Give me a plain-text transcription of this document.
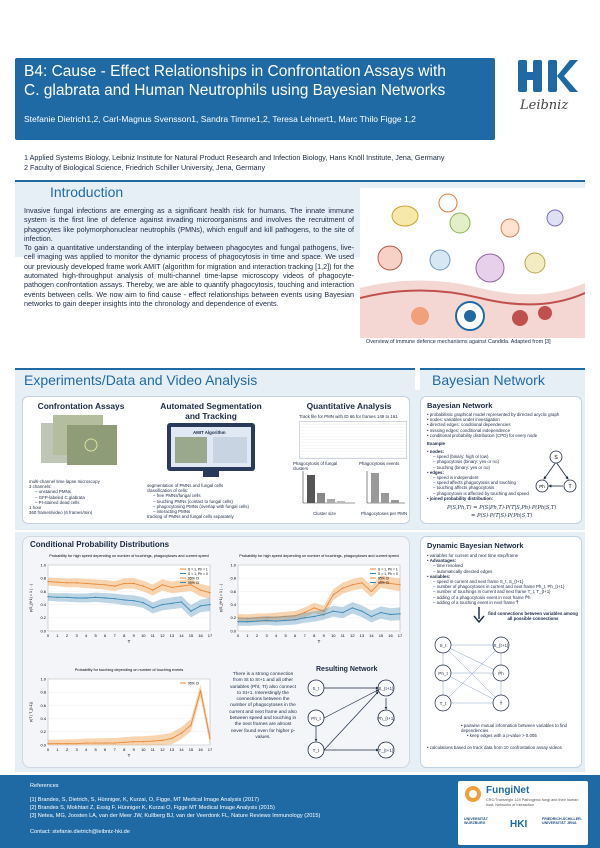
B4: Cause - Effect Relationships in Confrontation Assays with
C. glabrata and Human Neutrophils using Bayesian Networks
Stefanie Dietrich1,2, Carl-Magnus Svensson1, Sandra Timme1,2, Teresa Lehnert1, Marc Thilo Figge 1,2
Leibniz
1 Applied Systems Biology, Leibniz Institute for Natural Product Research and Infection Biology, Hans Knöll Institute, Jena, Germany
2 Faculty of Biological Science, Friedrich Schiller University, Jena, Germany
Introduction

Invasive fungal infections are emerging as a significant health risk for humans. The innate immune system is the first line of defence against invading microorganisms and involves the recruitment of phagocytes like polymorphonuclear neutrophils (PMNs), which engulf and kill pathogens, to the site of infection.

To gain a quantitative understanding of the interplay between phagocytes and fungal pathogens, live-cell imaging was applied to monitor the dynamic process of phagocytosis in time and space. We used our previously developed frame work AMIT (algorithm for migration and interaction tracking [1,2]) for the automated high-throughput analysis of multi-channel time-lapse microscopy videos of phagocyte-pathogen confrontation assays. Thereby, we are able to quantify phagocytosis, touching and interaction events between cells. We now aim to find cause - effect relationships between events using Bayesian networks to gain deeper insights into the chronology and dependence of events.

Overview of immune defence mechanisms against Candida. Adapted from [3]
Experiments/Data and Video Analysis	Bayesian Network
Confrontation Assays
multi-channel time lapse microscopy
3 channels:
– unstained PMNs
– GFP-labeled C.glabrata
– PI-stained dead cells
1 hour
360 frames/video (6 frames/min)
Automated Segmentation
and Tracking
AMIT Algorithm
segmentation of PMNs and fungal cells
classification of cells:
– free PMNs/fungal cells
– touching PMNs (contact to fungal cells)
– phagocytosing PMNs (overlap with fungal cells)
– interacting PMNs
tracking of PMNs and fungal cells separately
Quantitative Analysis
Track file for PMN with ID 66 for frames 149 to 161
Phagocytosis of fungal clusters
Phagocytosis events
Cluster size	Phagocytoses per PMN
Bayesian Network
• probabilistic graphical model represented by directed acyclic graph
• nodes: variables under investigation
• directed edges: conditional dependencies
• missing edges: conditional independence
• conditional probability distribution (CPD) for every node
Example
• nodes:
– speed (binary: high or low)
– phagocytosis (binary: yes or no)
– touching (binary: yes or no)
• edges:
– speed is independent
– speed affects phagocytosis and touching
– touching affects phagocytosis
– phagocytosis is affected by touching and speed
• joined probability distribution:
S
Ph	T
P(S,Ph,T) = P(S|Ph,T)·P(T|S,Ph)·P(Ph|S,T)
= P(S)·P(T|S)·P(Ph|S,T)
Conditional Probability Distributions
Probability for high speed depending on number of touchings, phagocytoses and current speed
0.0
0.2
0.4
0.6
0.8
1.0
0 1 2 3 4 5 6 7 8 9 10 11 12 13 14 15 16 17
T
p(S_{t+1} = 1 | ...)
S = 1, Ph = 1
S = 1, Ph = 0
95% CI
95% CI
Probability for high speed depending on number of touchings, phagocytoses and current speed
0.0
0.2
0.4
0.6
0.8
1.0
0 1 2 3 4 5 6 7 8 9 10 11 12 13 14 15 16 17
T
p(S_{t+1} = 1 | ...)
S = 1, Ph = 1
S = 1, Ph = 0
95% CI
95% CI
Probability for touching depending on number of touching events
0.0
0.2
0.4
0.6
0.8
1.0
0 1 2 3 4 5 6 7 8 9 10 11 12 13 14 15 16 17
T
p(T | T_{t-1})
95% CI
There is a strong connection from St to St+1 and all other variables (Pht, Tt) also connect to St+1. Interestingly the connections between the number of phagocytoses in the current and next frame and also between speed and touching in the next frames are almost never found even for higher p-values.
Resulting Network
S_t	S_{t+1}
Ph_t	Ph_{t+1}
T_t	T_{t+1}
Dynamic Bayesian Network
• variables for current and next time step/frame
• Advantages:
– time resolved
– automatically directed edges
• variables:
– speed in current and next frame S_t, S_{t+1}
– number of phagocytoses in current and next frame Ph_t, Ph_{t+1}
– number of touchings in current and next frame T_t, T_{t+1}
– adding of a phagocytosis event in next frame P̃h
– adding of a touching event in next frame T̃
find connections between variables among all possible connections
S_t	S_{t+1}
Ph_t	P̃h
T_t	T̃
• pairwise mutual information between variables to find dependencies
• keep edges with a p-value > 0.005
• calculations based on track data from 10 confrontation assay videos
References
[1] Brandes, S, Dietrich, S, Hünniger, K, Kurzai, O, Figge, MT Medical Image Analysis (2017)
[2] Brandes S, Mokhtari Z, Essig F, Hünniger K, Kurzai O, Figge MT Medical Image Analysis (2015)
[3] Netea, MG, Joosten LA, van der Meer JW, Kullberg BJ, van der Veerdonk FL, Nature Reviews Immunology (2015)
Contact: stefanie.dietrich@leibniz-hki.de
FungiNet
CRC/Transregio 124 Pathogenic fungi and their human host: Networks of Interaction
UNIVERSITÄT WÜRZBURG	HKI	FRIEDRICH-SCHILLER-UNIVERSITÄT JENA
